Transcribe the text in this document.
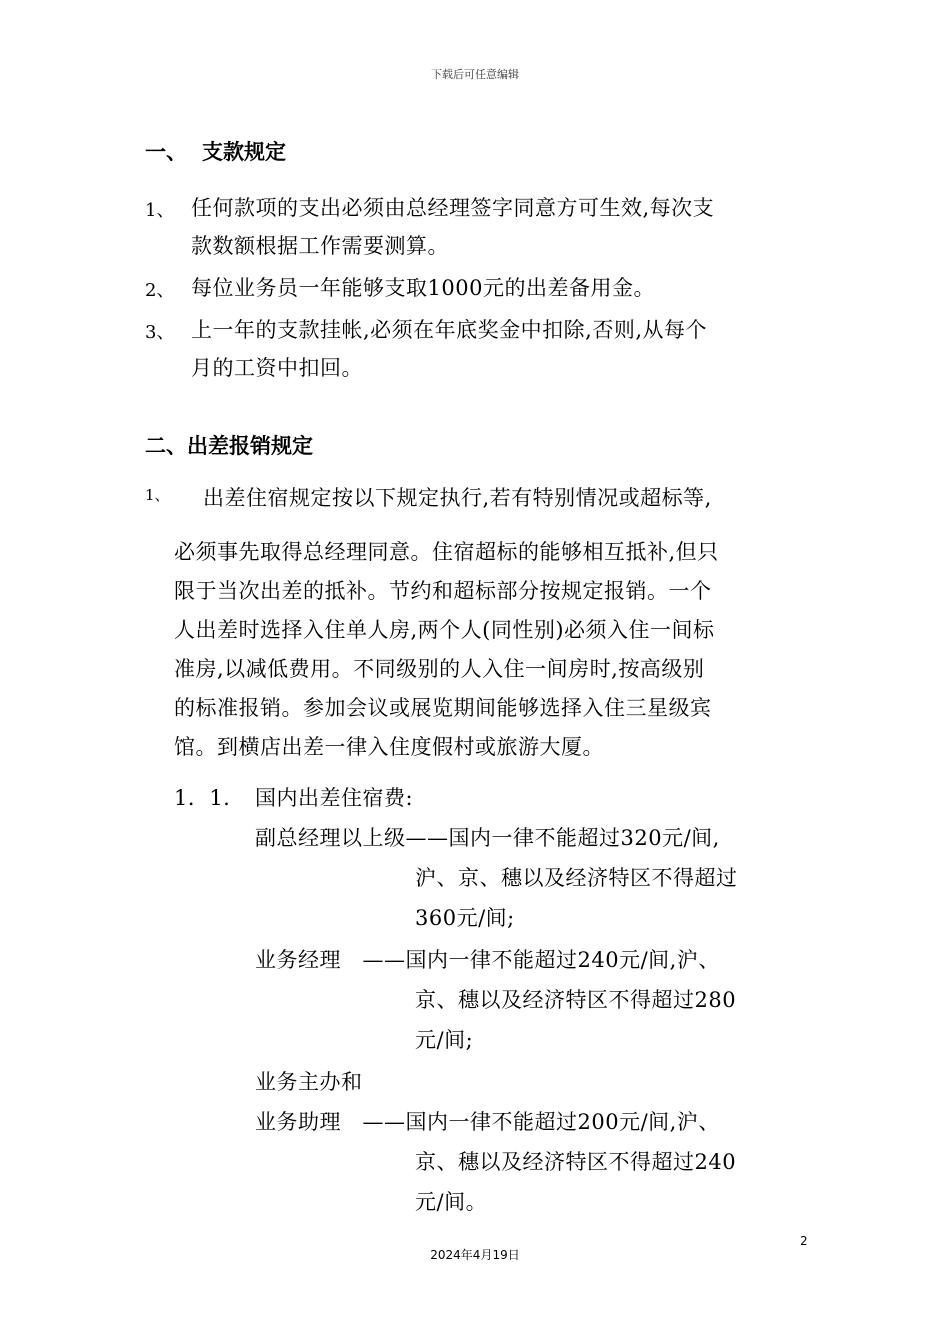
下载后可任意编辑
一、 支款规定
1、 任何款项的支出必须由总经理签字同意方可生效,每次支
款数额根据工作需要测算。
2、 每位业务员一年能够支取1000元的出差备用金。
3、 上一年的支款挂帐,必须在年底奖金中扣除,否则,从每个
月的工资中扣回。
二、出差报销规定
1、 出差住宿规定按以下规定执行,若有特别情况或超标等,
必须事先取得总经理同意。住宿超标的能够相互抵补,但只
限于当次出差的抵补。节约和超标部分按规定报销。一个
人出差时选择入住单人房,两个人(同性别)必须入住一间标
准房,以减低费用。不同级别的人入住一间房时,按高级别
的标准报销。参加会议或展览期间能够选择入住三星级宾
馆。到横店出差一律入住度假村或旅游大厦。
1．1． 国内出差住宿费:
副总经理以上级——国内一律不能超过320元/间,
沪、京、穗以及经济特区不得超过
360元/间;
业务经理　——国内一律不能超过240元/间,沪、
京、穗以及经济特区不得超过280
元/间;
业务主办和
业务助理　——国内一律不能超过200元/间,沪、
京、穗以及经济特区不得超过240
元/间。
2
2024年4月19日
